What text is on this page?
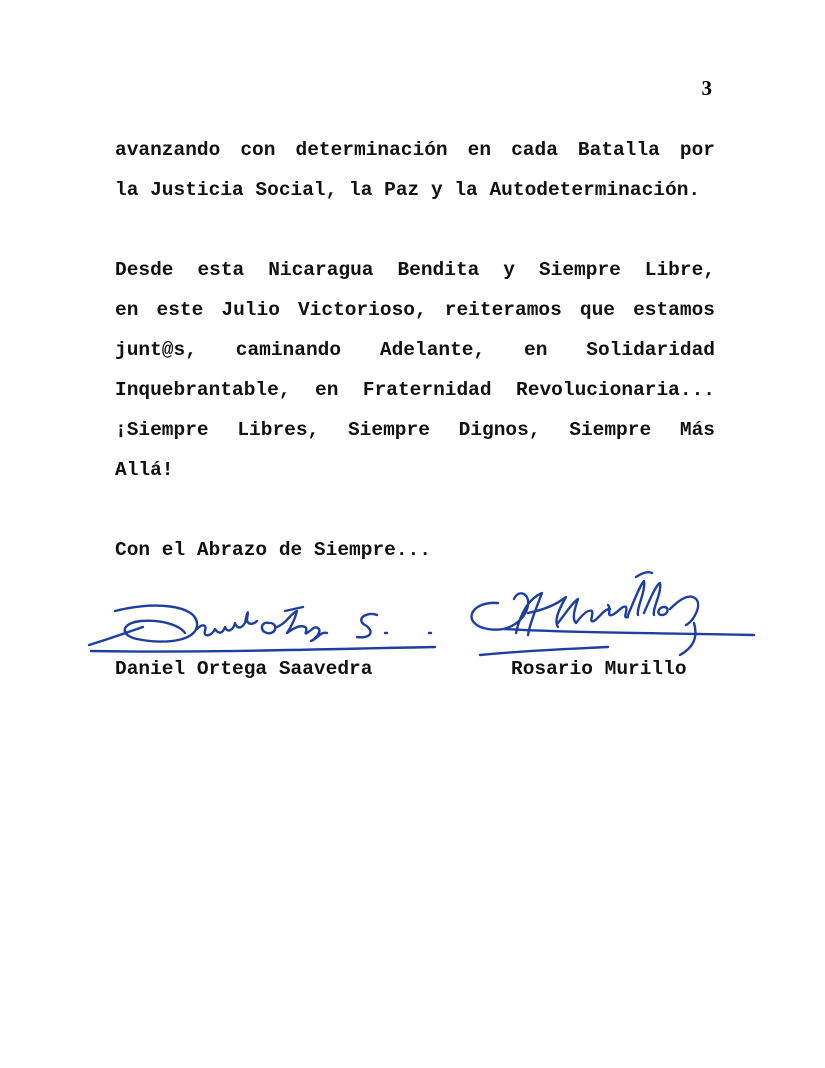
3
avanzando con determinación en cada Batalla por
la Justicia Social, la Paz y la Autodeterminación.
Desde esta Nicaragua Bendita y Siempre Libre,
en este Julio Victorioso, reiteramos que estamos
junt@s, caminando Adelante, en Solidaridad
Inquebrantable, en Fraternidad Revolucionaria...
¡Siempre Libres, Siempre Dignos, Siempre Más
Allá!
Con el Abrazo de Siempre...
Daniel Ortega Saavedra	Rosario Murillo
